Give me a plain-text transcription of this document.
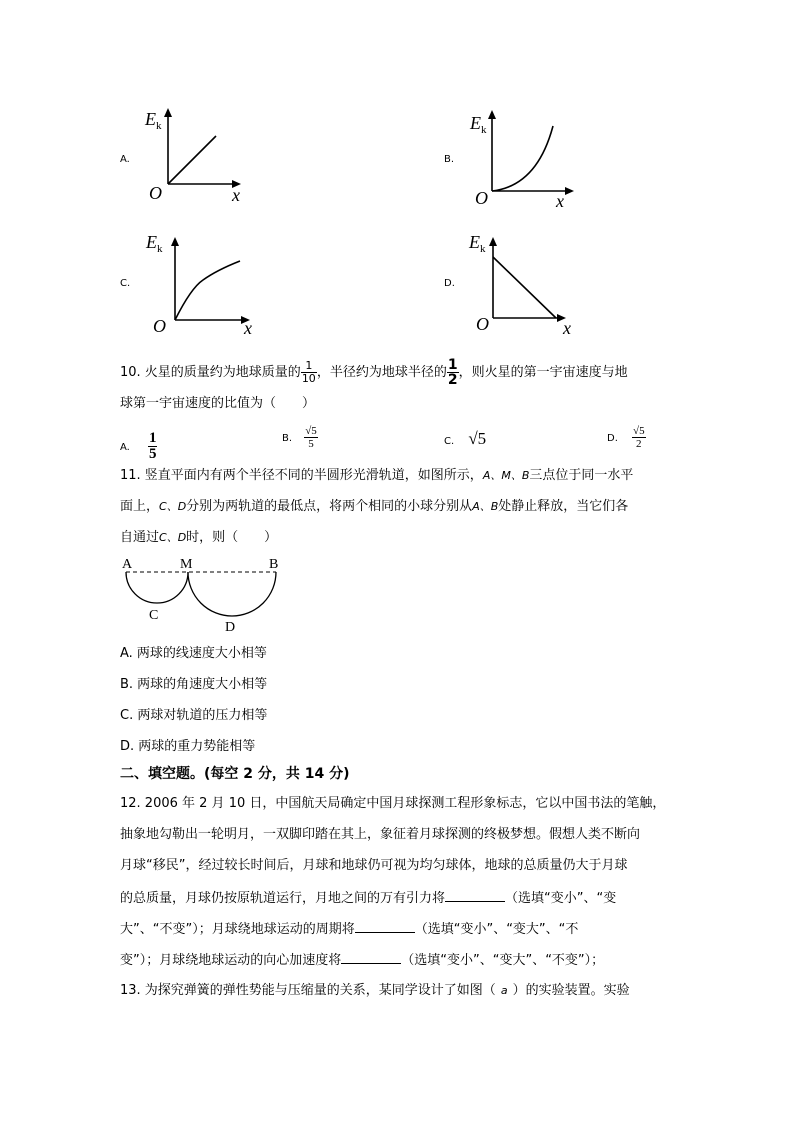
A.
$E_k$
O	x
B.
$E_k$
O	x
C.
$E_k$
O	x
D.
$E_k$
O	x
10. 火星的质量约为地球质量的 $\frac{1}{10}$ ，半径约为地球半径的 $\frac{1}{2}$ ，则火星的第一宇宙速度与地
球第一宇宙速度的比值为（　　）
A. $\frac{1}{5}$	B. $\frac{√5}{5}$	C. √5	D. $\frac{√5}{2}$
11. 竖直平面内有两个半径不同的半圆形光滑轨道，如图所示，A、M、B三点位于同一水平
面上，C、D分别为两轨道的最低点，将两个相同的小球分别从A、B处静止释放，当它们各
自通过C、D时，则（　　）
A	M	B
C
D
A. 两球的线速度大小相等
B. 两球的角速度大小相等
C. 两球对轨道的压力相等
D. 两球的重力势能相等
二、填空题。(每空 2 分，共 14 分)
12. 2006 年 2 月 10 日，中国航天局确定中国月球探测工程形象标志，它以中国书法的笔触，
抽象地勾勒出一轮明月，一双脚印踏在其上，象征着月球探测的终极梦想。假想人类不断向
月球“移民”，经过较长时间后，月球和地球仍可视为均匀球体，地球的总质量仍大于月球
的总质量，月球仍按原轨道运行，月地之间的万有引力将	（选填“变小”、“变
大”、“不变”）；月球绕地球运动的周期将	（选填“变小”、“变大”、“不
变”）；月球绕地球运动的向心加速度将	（选填“变小”、“变大”、“不变”）；
13. 为探究弹簧的弹性势能与压缩量的关系，某同学设计了如图（ a ）的实验装置。实验
